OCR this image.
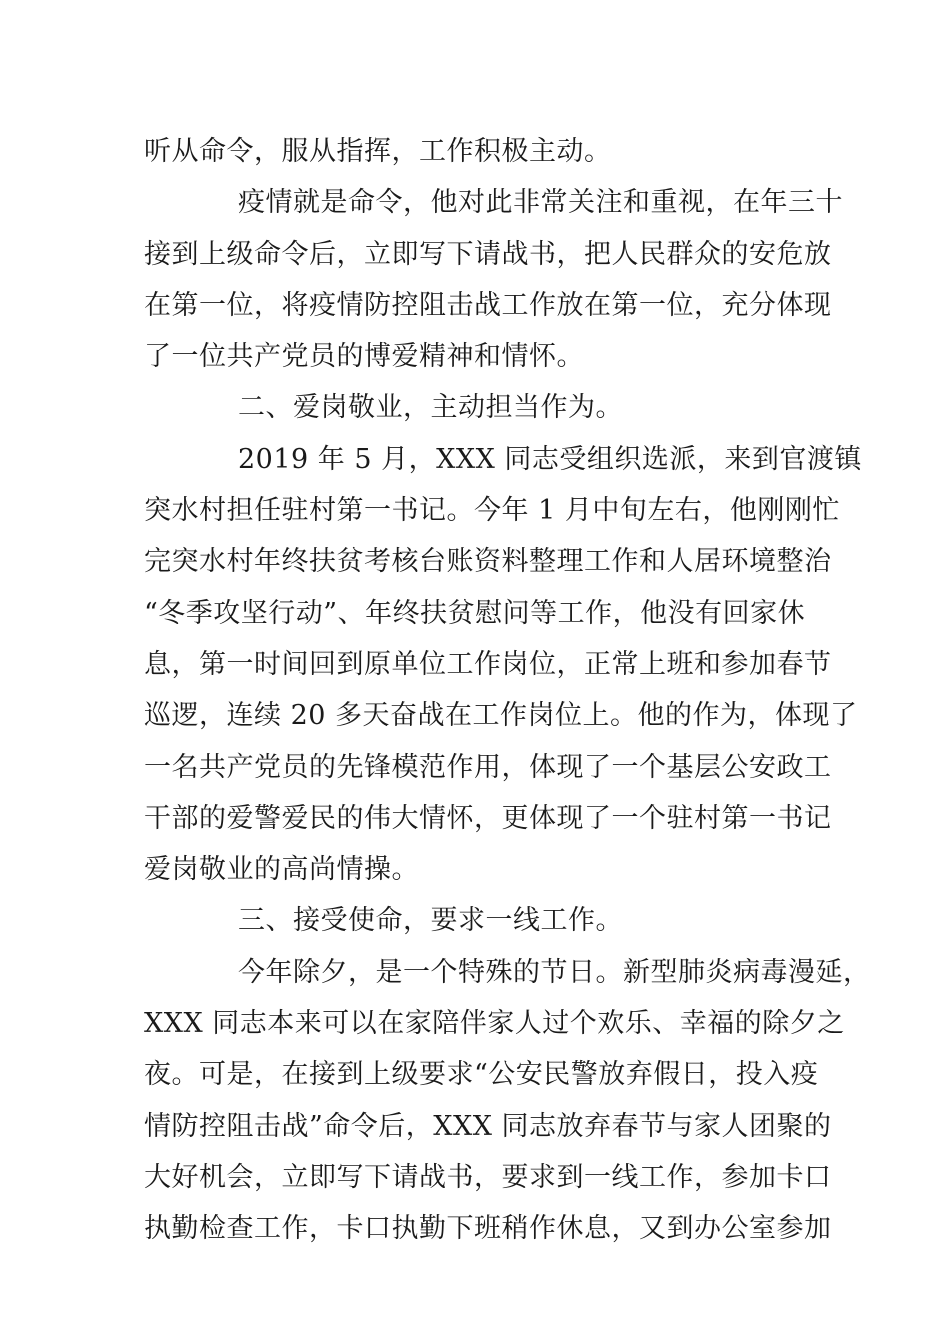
听从命令，服从指挥，工作积极主动。
疫情就是命令，他对此非常关注和重视，在年三十
接到上级命令后，立即写下请战书，把人民群众的安危放
在第一位，将疫情防控阻击战工作放在第一位，充分体现
了一位共产党员的博爱精神和情怀。
二、爱岗敬业，主动担当作为。
2019 年 5 月，XXX 同志受组织选派，来到官渡镇
突水村担任驻村第一书记。今年 1 月中旬左右，他刚刚忙
完突水村年终扶贫考核台账资料整理工作和人居环境整治
“冬季攻坚行动”、年终扶贫慰问等工作，他没有回家休
息，第一时间回到原单位工作岗位，正常上班和参加春节
巡逻，连续 20 多天奋战在工作岗位上。他的作为，体现了
一名共产党员的先锋模范作用，体现了一个基层公安政工
干部的爱警爱民的伟大情怀，更体现了一个驻村第一书记
爱岗敬业的高尚情操。
三、接受使命，要求一线工作。
今年除夕，是一个特殊的节日。新型肺炎病毒漫延，
XXX 同志本来可以在家陪伴家人过个欢乐、幸福的除夕之
夜。可是，在接到上级要求“公安民警放弃假日，投入疫
情防控阻击战”命令后，XXX 同志放弃春节与家人团聚的
大好机会，立即写下请战书，要求到一线工作，参加卡口
执勤检查工作，卡口执勤下班稍作休息，又到办公室参加
